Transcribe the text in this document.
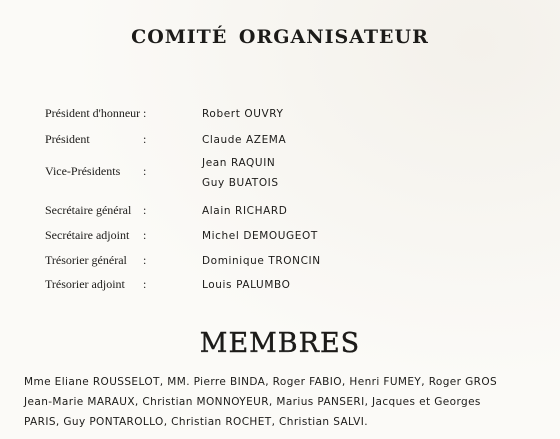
COMITÉ ORGANISATEUR
Président d'honneur :	Robert OUVRY
Président	:	Claude AZEMA
Vice-Présidents :
Jean RAQUIN
Guy BUATOIS
Secrétaire général :	Alain RICHARD
Secrétaire adjoint :	Michel DEMOUGEOT
Trésorier général :	Dominique TRONCIN
Trésorier adjoint :	Louis PALUMBO
MEMBRES
Mme Eliane ROUSSELOT, MM. Pierre BINDA, Roger FABIO, Henri FUMEY, Roger GROS
Jean-Marie MARAUX, Christian MONNOYEUR, Marius PANSERI, Jacques et Georges
PARIS, Guy PONTAROLLO, Christian ROCHET, Christian SALVI.
